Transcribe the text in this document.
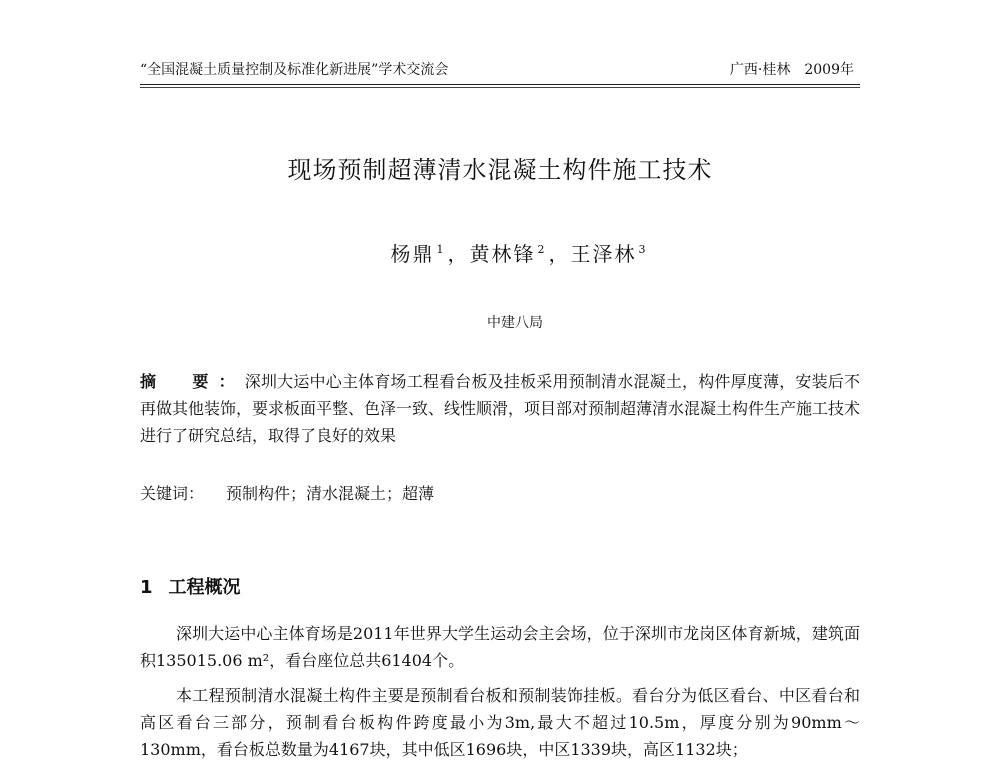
“全国混凝土质量控制及标准化新进展”学术交流会	广西·桂林　2009年
现场预制超薄清水混凝土构件施工技术
杨鼎 $^1$ ，黄林锋 $^2$ ，王泽林 $^3$
中建八局
摘　要：深圳大运中心主体育场工程看台板及挂板采用预制清水混凝土，构件厚度薄，安装后不再做其他装饰，要求板面平整、色泽一致、线性顺滑，项目部对预制超薄清水混凝土构件生产施工技术进行了研究总结，取得了良好的效果
关键词： 预制构件；清水混凝土；超薄
1 工程概况
深圳大运中心主体育场是2011年世界大学生运动会主会场，位于深圳市龙岗区体育新城，建筑面积135015.06 m²，看台座位总共61404个。
本工程预制清水混凝土构件主要是预制看台板和预制装饰挂板。看台分为低区看台、中区看台和高区看台三部分，预制看台板构件跨度最小为3m,最大不超过10.5m，厚度分别为90mm～130mm，看台板总数量为4167块，其中低区1696块，中区1339块，高区1132块；
